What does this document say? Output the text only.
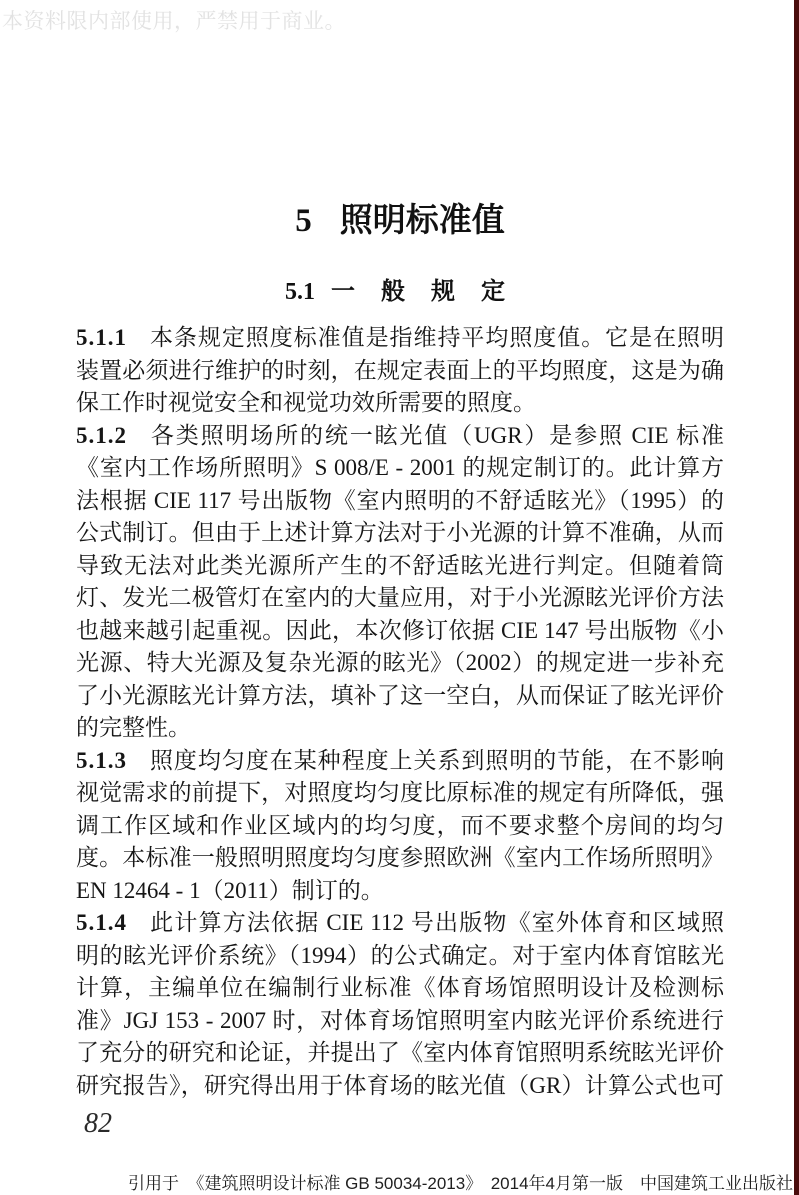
本资料限内部使用，严禁用于商业。
5 照明标准值
5.1 一 般 规 定
5.1.1 本条规定照度标准值是指维持平均照度值。它是在照明
装置必须进行维护的时刻，在规定表面上的平均照度，这是为确
保工作时视觉安全和视觉功效所需要的照度。
5.1.2 各类照明场所的统一眩光值（UGR）是参照 CIE 标准
《室内工作场所照明》S 008/E - 2001 的规定制订的。此计算方
法根据 CIE 117 号出版物《室内照明的不舒适眩光》（1995）的
公式制订。但由于上述计算方法对于小光源的计算不准确，从而
导致无法对此类光源所产生的不舒适眩光进行判定。但随着筒
灯、发光二极管灯在室内的大量应用，对于小光源眩光评价方法
也越来越引起重视。因此，本次修订依据 CIE 147 号出版物《小
光源、特大光源及复杂光源的眩光》（2002）的规定进一步补充
了小光源眩光计算方法，填补了这一空白，从而保证了眩光评价
的完整性。
5.1.3 照度均匀度在某种程度上关系到照明的节能，在不影响
视觉需求的前提下，对照度均匀度比原标准的规定有所降低，强
调工作区域和作业区域内的均匀度，而不要求整个房间的均匀
度。本标准一般照明照度均匀度参照欧洲《室内工作场所照明》
EN 12464 - 1（2011）制订的。
5.1.4 此计算方法依据 CIE 112 号出版物《室外体育和区域照
明的眩光评价系统》（1994）的公式确定。对于室内体育馆眩光
计算，主编单位在编制行业标准《体育场馆照明设计及检测标
准》JGJ 153 - 2007 时，对体育场馆照明室内眩光评价系统进行
了充分的研究和论证，并提出了《室内体育馆照明系统眩光评价
研究报告》，研究得出用于体育场的眩光值（GR）计算公式也可
82
引用于　《建筑照明设计标准 GB 50034-2013》　2014年4月第一版　中国建筑工业出版社
